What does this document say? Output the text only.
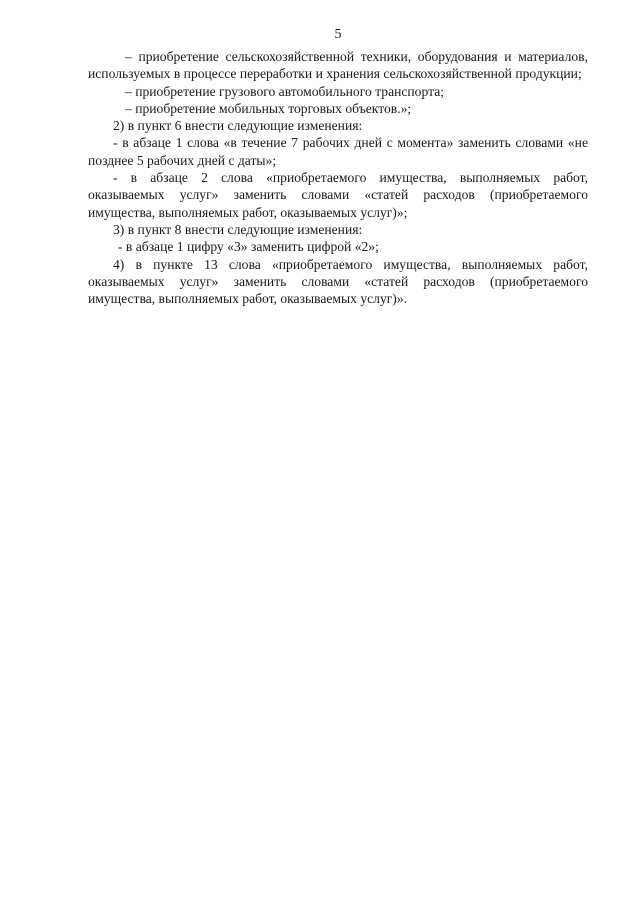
5

– приобретение сельскохозяйственной техники, оборудования и материалов, используемых в процессе переработки и хранения сельскохозяйственной продукции;

– приобретение грузового автомобильного транспорта;

– приобретение мобильных торговых объектов.»;

2) в пункт 6 внести следующие изменения:

- в абзаце 1 слова «в течение 7 рабочих дней с момента» заменить словами «не позднее 5 рабочих дней с даты»;

- в абзаце 2 слова «приобретаемого имущества, выполняемых работ, оказываемых услуг» заменить словами «статей расходов (приобретаемого имущества, выполняемых работ, оказываемых услуг)»;

3) в пункт 8 внести следующие изменения:

- в абзаце 1 цифру «3» заменить цифрой «2»;

4) в пункте 13 слова «приобретаемого имущества, выполняемых работ, оказываемых услуг» заменить словами «статей расходов (приобретаемого имущества, выполняемых работ, оказываемых услуг)».
